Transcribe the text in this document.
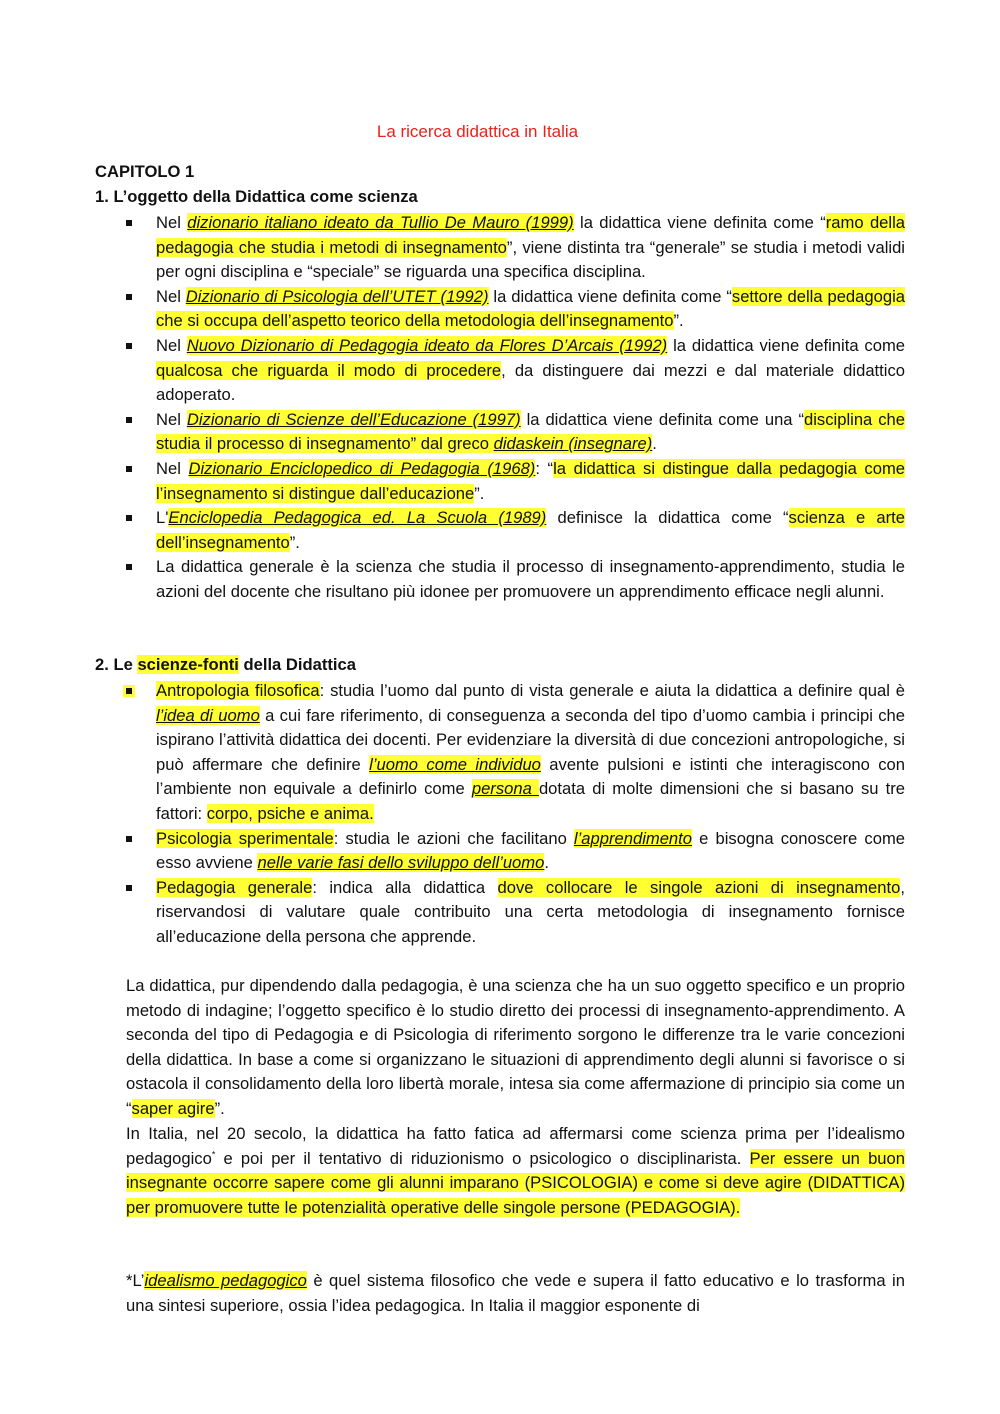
La ricerca didattica in Italia
CAPITOLO 1
1. L’oggetto della Didattica come scienza
Nel dizionario italiano ideato da Tullio De Mauro (1999) la didattica viene definita come “ramo della pedagogia che studia i metodi di insegnamento”, viene distinta tra “generale” se studia i metodi validi per ogni disciplina e “speciale” se riguarda una specifica disciplina.
Nel Dizionario di Psicologia dell’UTET (1992) la didattica viene definita come “settore della pedagogia che si occupa dell’aspetto teorico della metodologia dell’insegnamento”.
Nel Nuovo Dizionario di Pedagogia ideato da Flores D’Arcais (1992) la didattica viene definita come qualcosa che riguarda il modo di procedere, da distinguere dai mezzi e dal materiale didattico adoperato.
Nel Dizionario di Scienze dell’Educazione (1997) la didattica viene definita come una “disciplina che studia il processo di insegnamento” dal greco didaskein (insegnare).
Nel Dizionario Enciclopedico di Pedagogia (1968): “la didattica si distingue dalla pedagogia come l’insegnamento si distingue dall’educazione”.
L'Enciclopedia Pedagogica ed. La Scuola (1989) definisce la didattica come “scienza e arte dell’insegnamento”.
La didattica generale è la scienza che studia il processo di insegnamento-apprendimento, studia le azioni del docente che risultano più idonee per promuovere un apprendimento efficace negli alunni.
2. Le scienze-fonti della Didattica
Antropologia filosofica: studia l’uomo dal punto di vista generale e aiuta la didattica a definire qual è l’idea di uomo a cui fare riferimento, di conseguenza a seconda del tipo d’uomo cambia i principi che ispirano l’attività didattica dei docenti. Per evidenziare la diversità di due concezioni antropologiche, si può affermare che definire l’uomo come individuo avente pulsioni e istinti che interagiscono con l’ambiente non equivale a definirlo come persona dotata di molte dimensioni che si basano su tre fattori: corpo, psiche e anima.
Psicologia sperimentale: studia le azioni che facilitano l’apprendimento e bisogna conoscere come esso avviene nelle varie fasi dello sviluppo dell’uomo.
Pedagogia generale: indica alla didattica dove collocare le singole azioni di insegnamento, riservandosi di valutare quale contribuito una certa metodologia di insegnamento fornisce all’educazione della persona che apprende.
La didattica, pur dipendendo dalla pedagogia, è una scienza che ha un suo oggetto specifico e un proprio metodo di indagine; l’oggetto specifico è lo studio diretto dei processi di insegnamento-apprendimento. A seconda del tipo di Pedagogia e di Psicologia di riferimento sorgono le differenze tra le varie concezioni della didattica. In base a come si organizzano le situazioni di apprendimento degli alunni si favorisce o si ostacola il consolidamento della loro libertà morale, intesa sia come affermazione di principio sia come un “saper agire”.
In Italia, nel 20 secolo, la didattica ha fatto fatica ad affermarsi come scienza prima per l’idealismo pedagogico* e poi per il tentativo di riduzionismo o psicologico o disciplinarista. Per essere un buon insegnante occorre sapere come gli alunni imparano (PSICOLOGIA) e come si deve agire (DIDATTICA) per promuovere tutte le potenzialità operative delle singole persone (PEDAGOGIA).
*L’idealismo pedagogico è quel sistema filosofico che vede e supera il fatto educativo e lo trasforma in una sintesi superiore, ossia l’idea pedagogica. In Italia il maggior esponente di
